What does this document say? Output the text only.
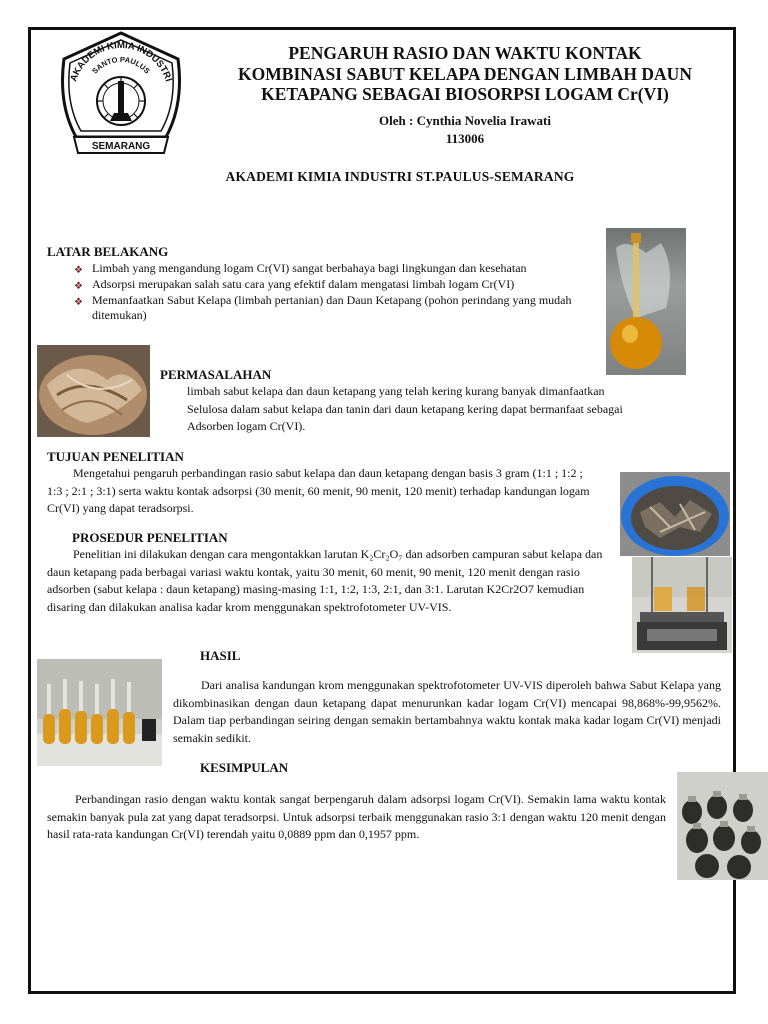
AKADEMI KIMIA INDUSTRI
SANTO PAULUS
SEMARANG
PENGARUH RASIO DAN WAKTU KONTAK
KOMBINASI SABUT KELAPA DENGAN LIMBAH DAUN
KETAPANG SEBAGAI BIOSORPSI LOGAM Cr(VI)
Oleh : Cynthia Novelia Irawati
113006
AKADEMI KIMIA INDUSTRI ST.PAULUS-SEMARANG
LATAR BELAKANG
❖ Limbah yang mengandung logam Cr(VI) sangat berbahaya bagi lingkungan dan kesehatan
❖ Adsorpsi merupakan salah satu cara yang efektif dalam mengatasi limbah logam Cr(VI)
❖ Memanfaatkan Sabut Kelapa (limbah pertanian) dan Daun Ketapang (pohon perindang yang mudah ditemukan)
PERMASALAHAN
limbah sabut kelapa dan daun ketapang yang telah kering kurang banyak dimanfaatkan
Selulosa dalam sabut kelapa dan tanin dari daun ketapang kering dapat bermanfaat sebagai
Adsorben logam Cr(VI).
TUJUAN PENELITIAN
Mengetahui pengaruh perbandingan rasio sabut kelapa dan daun ketapang dengan basis 3 gram (1:1 ; 1:2 ; 1:3 ; 2:1 ; 3:1) serta waktu kontak adsorpsi (30 menit, 60 menit, 90 menit, 120 menit) terhadap kandungan logam Cr(VI) yang dapat teradsorpsi.
PROSEDUR PENELITIAN
Penelitian ini dilakukan dengan cara mengontakkan larutan K₂Cr₂O₇ dan adsorben campuran sabut kelapa dan daun ketapang pada berbagai variasi waktu kontak, yaitu 30 menit, 60 menit, 90 menit, 120 menit dengan rasio adsorben (sabut kelapa : daun ketapang) masing-masing 1:1, 1:2, 1:3, 2:1, dan 3:1. Larutan K2Cr2O7 kemudian disaring dan dilakukan analisa kadar krom menggunakan spektrofotometer UV-VIS.
HASIL
Dari analisa kandungan krom menggunakan spektrofotometer UV-VIS diperoleh bahwa Sabut Kelapa yang dikombinasikan dengan daun ketapang dapat menurunkan kadar logam Cr(VI) mencapai 98,868%-99,9562%. Dalam tiap perbandingan seiring dengan semakin bertambahnya waktu kontak maka kadar logam Cr(VI) menjadi semakin sedikit.
KESIMPULAN
Perbandingan rasio dengan waktu kontak sangat berpengaruh dalam adsorpsi logam Cr(VI). Semakin lama waktu kontak semakin banyak pula zat yang dapat teradsorpsi. Untuk adsorpsi terbaik menggunakan rasio 3:1 dengan waktu 120 menit dengan hasil rata-rata kandungan Cr(VI) terendah yaitu 0,0889 ppm dan 0,1957 ppm.
